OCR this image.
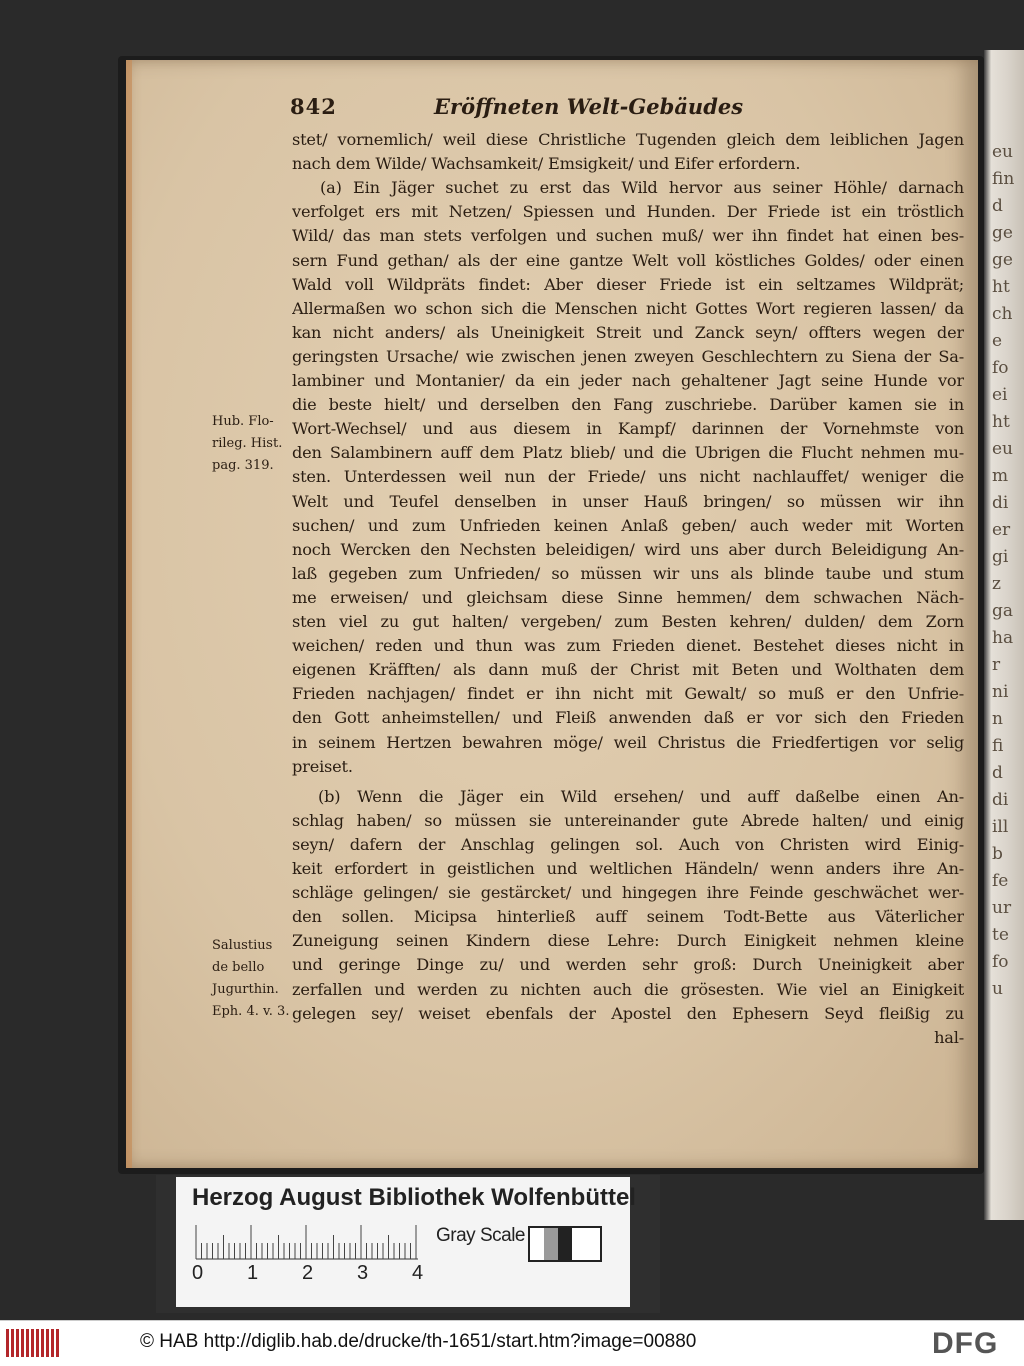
eu
fin
d
ge
ge
ht
ch
e
fo
ei
ht
eu
m
di
er
gi
z
ga
ha
r
ni
n
fi
d
di
ill
b
fe
ur
te
fo
u
842	Eröffneten Welt-Gebäudes
stet/ vornemlich/ weil diese Christliche Tugenden gleich dem leiblichen Jagen
nach dem Wilde/ Wachsamkeit/ Emsigkeit/ und Eifer erfordern.
(a) Ein Jäger suchet zu erst das Wild hervor aus seiner Höhle/ darnach
verfolget ers mit Netzen/ Spiessen und Hunden. Der Friede ist ein tröstlich
Wild/ das man stets verfolgen und suchen muß/ wer ihn findet hat einen bes-
sern Fund gethan/ als der eine gantze Welt voll köstliches Goldes/ oder einen
Wald voll Wildpräts findet: Aber dieser Friede ist ein seltzames Wildprät;
Allermaßen wo schon sich die Menschen nicht Gottes Wort regieren lassen/ da
kan nicht anders/ als Uneinigkeit Streit und Zanck seyn/ offters wegen der
geringsten Ursache/ wie zwischen jenen zweyen Geschlechtern zu Siena der Sa-
lambiner und Montanier/ da ein jeder nach gehaltener Jagt seine Hunde vor
die beste hielt/ und derselben den Fang zuschriebe. Darüber kamen sie in
Wort-Wechsel/ und aus diesem in Kampf/ darinnen der Vornehmste von
den Salambinern auff dem Platz blieb/ und die Ubrigen die Flucht nehmen mu-
sten. Unterdessen weil nun der Friede/ uns nicht nachlauffet/ weniger die
Welt und Teufel denselben in unser Hauß bringen/ so müssen wir ihn
suchen/ und zum Unfrieden keinen Anlaß geben/ auch weder mit Worten
noch Wercken den Nechsten beleidigen/ wird uns aber durch Beleidigung An-
laß gegeben zum Unfrieden/ so müssen wir uns als blinde taube und stum
me erweisen/ und gleichsam diese Sinne hemmen/ dem schwachen Näch-
sten viel zu gut halten/ vergeben/ zum Besten kehren/ dulden/ dem Zorn
weichen/ reden und thun was zum Frieden dienet. Bestehet dieses nicht in
eigenen Kräfften/ als dann muß der Christ mit Beten und Wolthaten dem
Frieden nachjagen/ findet er ihn nicht mit Gewalt/ so muß er den Unfrie-
den Gott anheimstellen/ und Fleiß anwenden daß er vor sich den Frieden
in seinem Hertzen bewahren möge/ weil Christus die Friedfertigen vor selig
preiset.
(b) Wenn die Jäger ein Wild ersehen/ und auff daßelbe einen An-
schlag haben/ so müssen sie untereinander gute Abrede halten/ und einig
seyn/ dafern der Anschlag gelingen sol. Auch von Christen wird Einig-
keit erfordert in geistlichen und weltlichen Händeln/ wenn anders ihre An-
schläge gelingen/ sie gestärcket/ und hingegen ihre Feinde geschwächet wer-
den sollen. Micipsa hinterließ auff seinem Todt-Bette aus Väterlicher
Zuneigung seinen Kindern diese Lehre: Durch Einigkeit nehmen kleine
und geringe Dinge zu/ und werden sehr groß: Durch Uneinigkeit aber
zerfallen und werden zu nichten auch die grösesten. Wie viel an Einigkeit
gelegen sey/ weiset ebenfals der Apostel den Ephesern Seyd fleißig zu
hal-
Hub. Flo-
rileg. Hist.
pag. 319.
Salustius
de bello
Jugurthin.
Eph. 4. v. 3.
Herzog August Bibliothek Wolfenbüttel
0 1 2 3 4
Gray Scale
© HAB http://diglib.hab.de/drucke/th-1651/start.htm?image=00880	DFG
